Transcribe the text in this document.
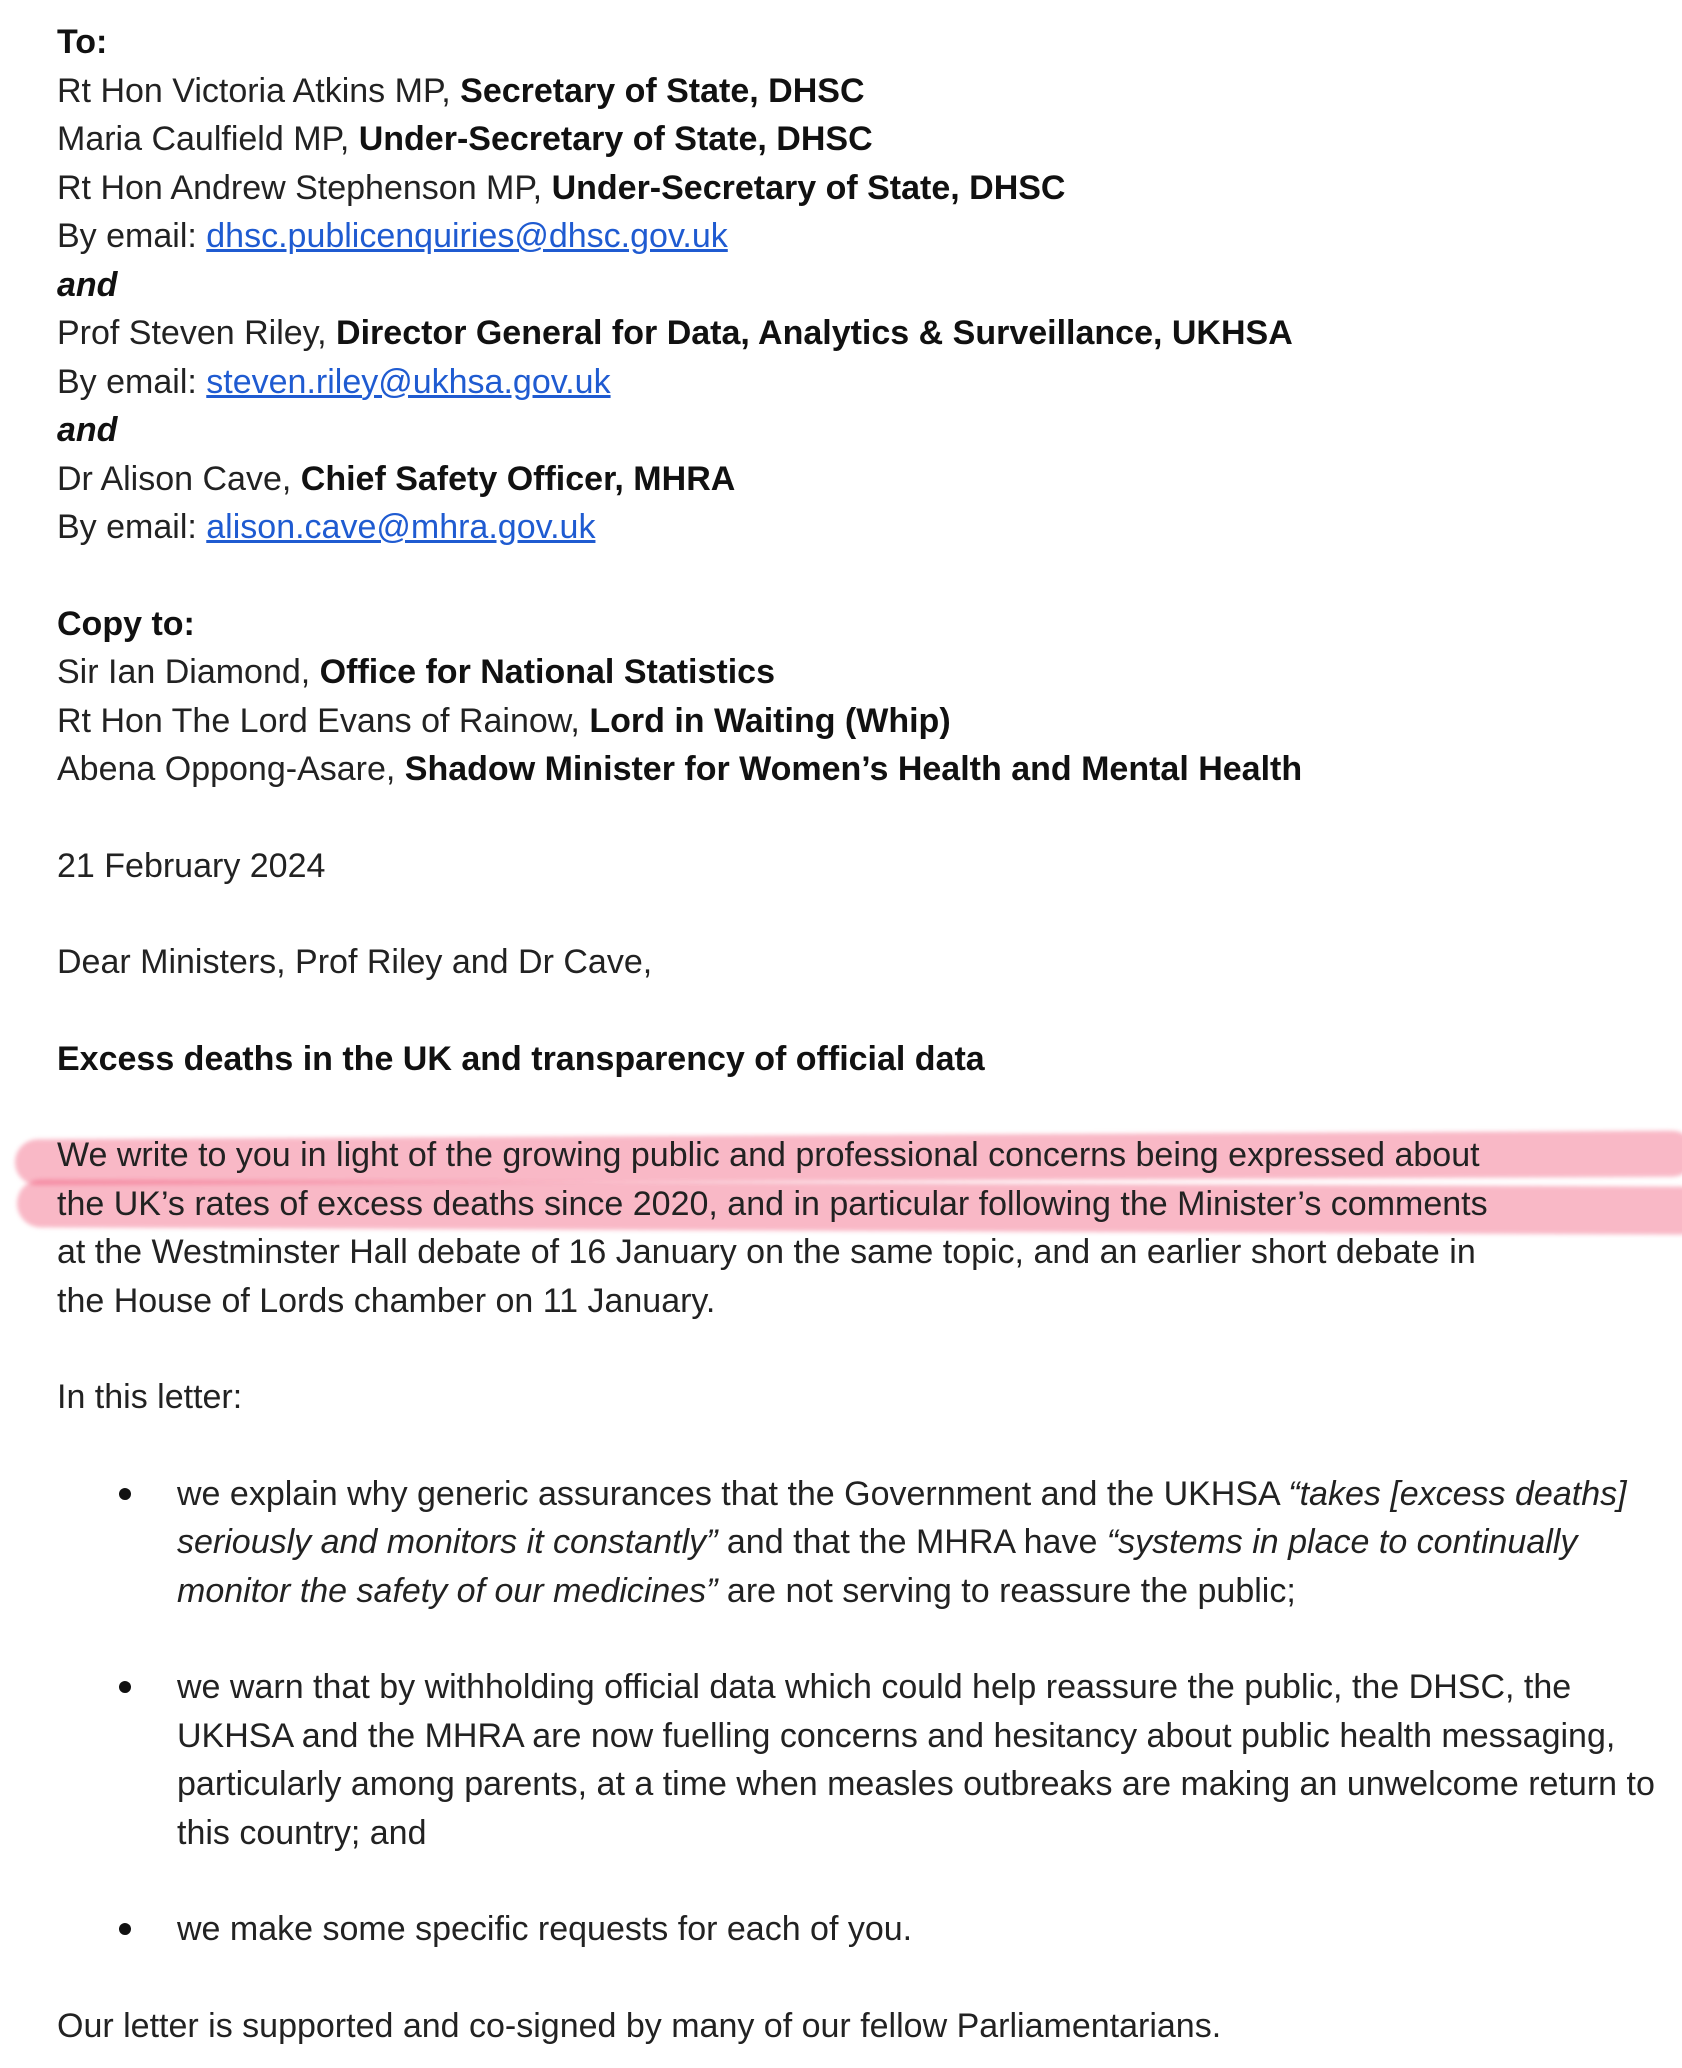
To:

Rt Hon Victoria Atkins MP, Secretary of State, DHSC

Maria Caulfield MP, Under-Secretary of State, DHSC

Rt Hon Andrew Stephenson MP, Under-Secretary of State, DHSC

By email: dhsc.publicenquiries@dhsc.gov.uk

and

Prof Steven Riley, Director General for Data, Analytics & Surveillance, UKHSA

By email: steven.riley@ukhsa.gov.uk

and

Dr Alison Cave, Chief Safety Officer, MHRA

By email: alison.cave@mhra.gov.uk

Copy to:

Sir Ian Diamond, Office for National Statistics

Rt Hon The Lord Evans of Rainow, Lord in Waiting (Whip)

Abena Oppong-Asare, Shadow Minister for Women’s Health and Mental Health

21 February 2024

Dear Ministers, Prof Riley and Dr Cave,

Excess deaths in the UK and transparency of official data

We write to you in light of the growing public and professional concerns being expressed about

the UK’s rates of excess deaths since 2020, and in particular following the Minister’s comments

at the Westminster Hall debate of 16 January on the same topic, and an earlier short debate in

the House of Lords chamber on 11 January.

In this letter:

we explain why generic assurances that the Government and the UKHSA “takes [excess deaths] seriously and monitors it constantly” and that the MHRA have “systems in place to continually monitor the safety of our medicines” are not serving to reassure the public;
we warn that by withholding official data which could help reassure the public, the DHSC, the UKHSA and the MHRA are now fuelling concerns and hesitancy about public health messaging, particularly among parents, at a time when measles outbreaks are making an unwelcome return to this country; and
we make some specific requests for each of you.

Our letter is supported and co-signed by many of our fellow Parliamentarians.
